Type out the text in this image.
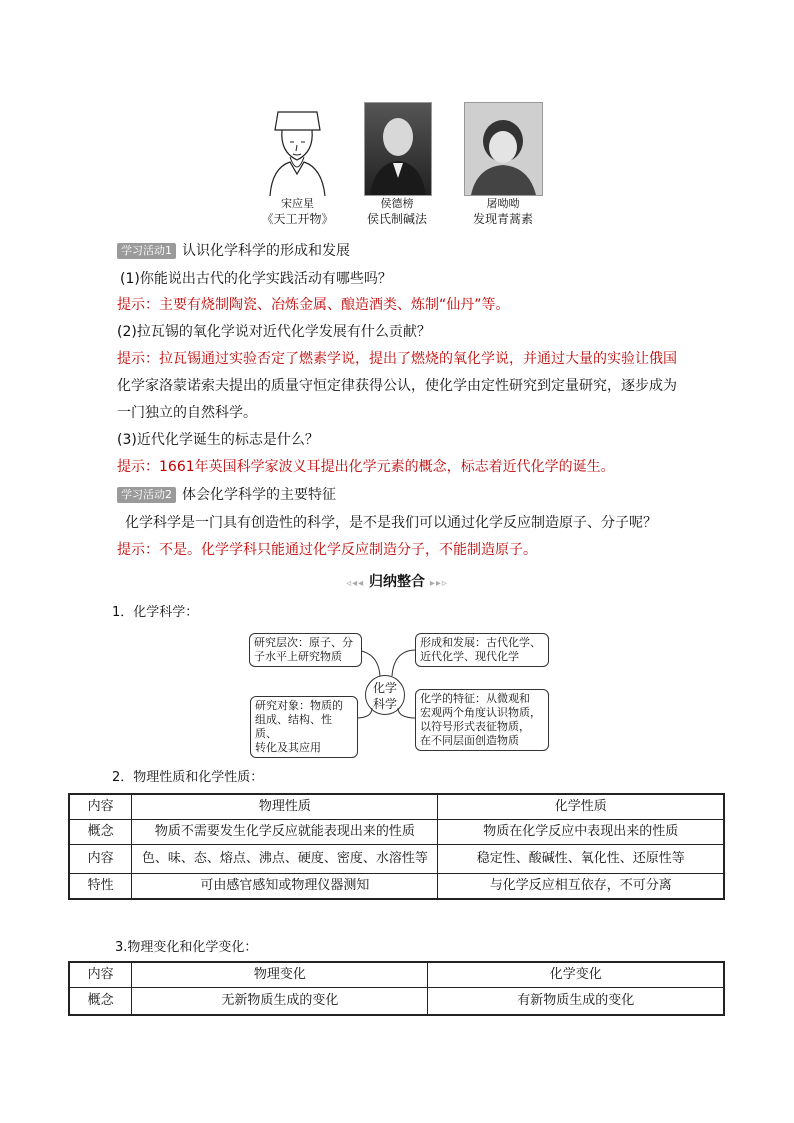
宋应星
《天工开物》
侯德榜
侯氏制碱法
屠呦呦
发现青蒿素
学习活动1 认识化学科学的形成和发展
(1)你能说出古代的化学实践活动有哪些吗？
提示：主要有烧制陶瓷、冶炼金属、酿造酒类、炼制“仙丹”等。
(2)拉瓦锡的氧化学说对近代化学发展有什么贡献？
提示：拉瓦锡通过实验否定了燃素学说，提出了燃烧的氧化学说，并通过大量的实验让俄国
化学家洛蒙诺索夫提出的质量守恒定律获得公认，使化学由定性研究到定量研究，逐步成为
一门独立的自然科学。
(3)近代化学诞生的标志是什么？
提示：1661年英国科学家波义耳提出化学元素的概念，标志着近代化学的诞生。
学习活动2 体会化学科学的主要特征
化学科学是一门具有创造性的科学，是不是我们可以通过化学反应制造原子、分子呢？
提示：不是。化学学科只能通过化学反应制造分子，不能制造原子。
◃◂◂ 归纳整合 ▸▸▹
1．化学科学：
研究层次：原子、分
子水平上研究物质
研究对象：物质的
组成、结构、性质、
转化及其应用
化学
科学
形成和发展：古代化学、
近代化学、现代化学
化学的特征：从微观和
宏观两个角度认识物质，
以符号形式表征物质，
在不同层面创造物质
2．物理性质和化学性质：
内容	物理性质	化学性质
概念	物质不需要发生化学反应就能表现出来的性质	物质在化学反应中表现出来的性质
内容	色、味、态、熔点、沸点、硬度、密度、水溶性等	稳定性、酸碱性、氧化性、还原性等
特性	可由感官感知或物理仪器测知	与化学反应相互依存，不可分离
3.物理变化和化学变化：
内容	物理变化	化学变化
概念	无新物质生成的变化	有新物质生成的变化
